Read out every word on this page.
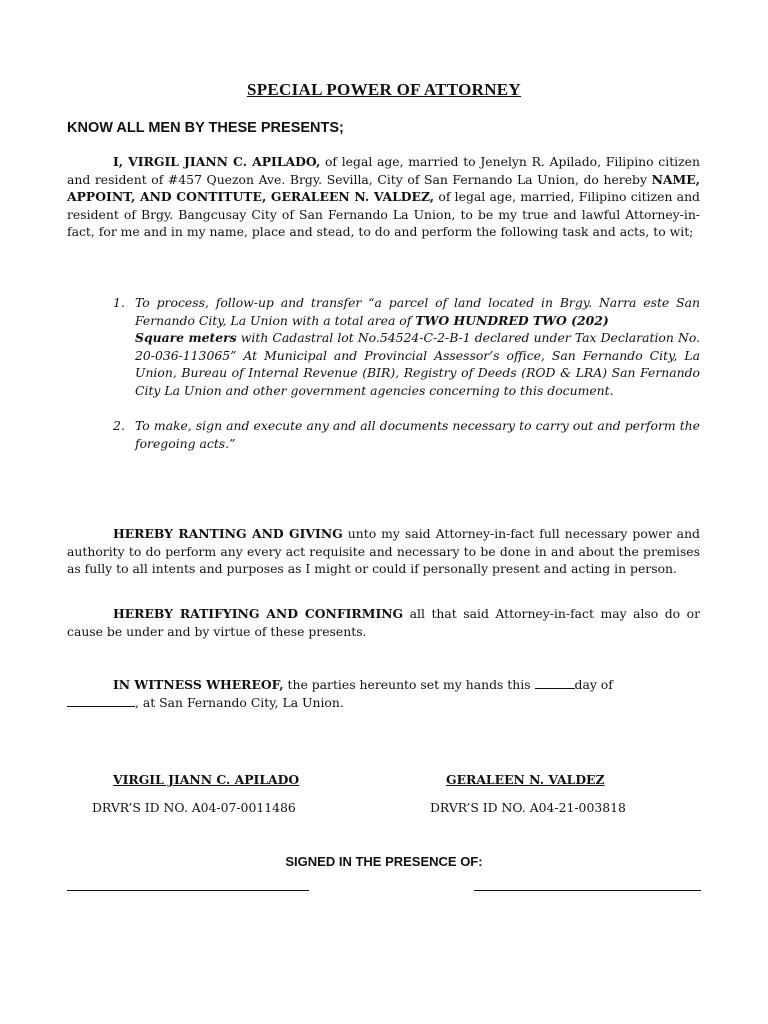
SPECIAL POWER OF ATTORNEY
KNOW ALL MEN BY THESE PRESENTS;
I, VIRGIL JIANN C. APILADO, of legal age, married to Jenelyn R. Apilado, Filipino citizen and resident of #457 Quezon Ave. Brgy. Sevilla, City of San Fernando La Union, do hereby NAME, APPOINT, AND CONTITUTE, GERALEEN N. VALDEZ, of legal age, married, Filipino citizen and resident of Brgy. Bangcusay City of San Fernando La Union, to be my true and lawful Attorney-in-fact, for me and in my name, place and stead, to do and perform the following task and acts, to wit;
1. To process, follow-up and transfer “a parcel of land located in Brgy. Narra este San Fernando City, La Union with a total area of TWO HUNDRED TWO (202)
Square meters with Cadastral lot No.54524-C-2-B-1 declared under Tax Declaration No. 20-036-113065” At Municipal and Provincial Assessor’s office, San Fernando City, La Union, Bureau of Internal Revenue (BIR), Registry of Deeds (ROD & LRA) San Fernando City La Union and other government agencies concerning to this document.
2. To make, sign and execute any and all documents necessary to carry out and perform the foregoing acts.”
HEREBY RANTING AND GIVING unto my said Attorney-in-fact full necessary power and authority to do perform any every act requisite and necessary to be done in and about the premises as fully to all intents and purposes as I might or could if personally present and acting in person.
HEREBY RATIFYING AND CONFIRMING all that said Attorney-in-fact may also do or cause be under and by virtue of these presents.
IN WITNESS WHEREOF, the parties hereunto set my hands this	day of
, at San Fernando City, La Union.
VIRGIL JIANN C. APILADO	GERALEEN N. VALDEZ
DRVR’S ID NO. A04-07-0011486	DRVR’S ID NO. A04-21-003818
SIGNED IN THE PRESENCE OF:
